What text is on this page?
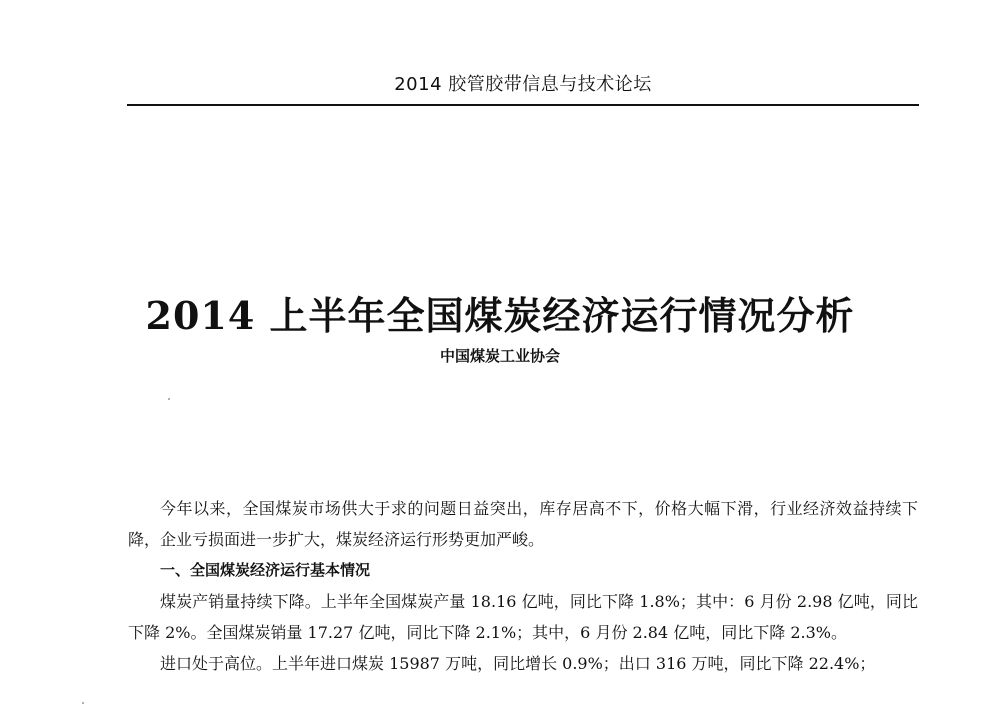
2014 胶管胶带信息与技术论坛
2014 上半年全国煤炭经济运行情况分析
中国煤炭工业协会

今年以来，全国煤炭市场供大于求的问题日益突出，库存居高不下，价格大幅下滑，行业经济效益持续下降，企业亏损面进一步扩大，煤炭经济运行形势更加严峻。

一、全国煤炭经济运行基本情况

煤炭产销量持续下降。上半年全国煤炭产量 18.16 亿吨，同比下降 1.8%；其中：6 月份 2.98 亿吨，同比下降 2%。全国煤炭销量 17.27 亿吨，同比下降 2.1%；其中，6 月份 2.84 亿吨，同比下降 2.3%。

进口处于高位。上半年进口煤炭 15987 万吨，同比增长 0.9%；出口 316 万吨，同比下降 22.4%；
